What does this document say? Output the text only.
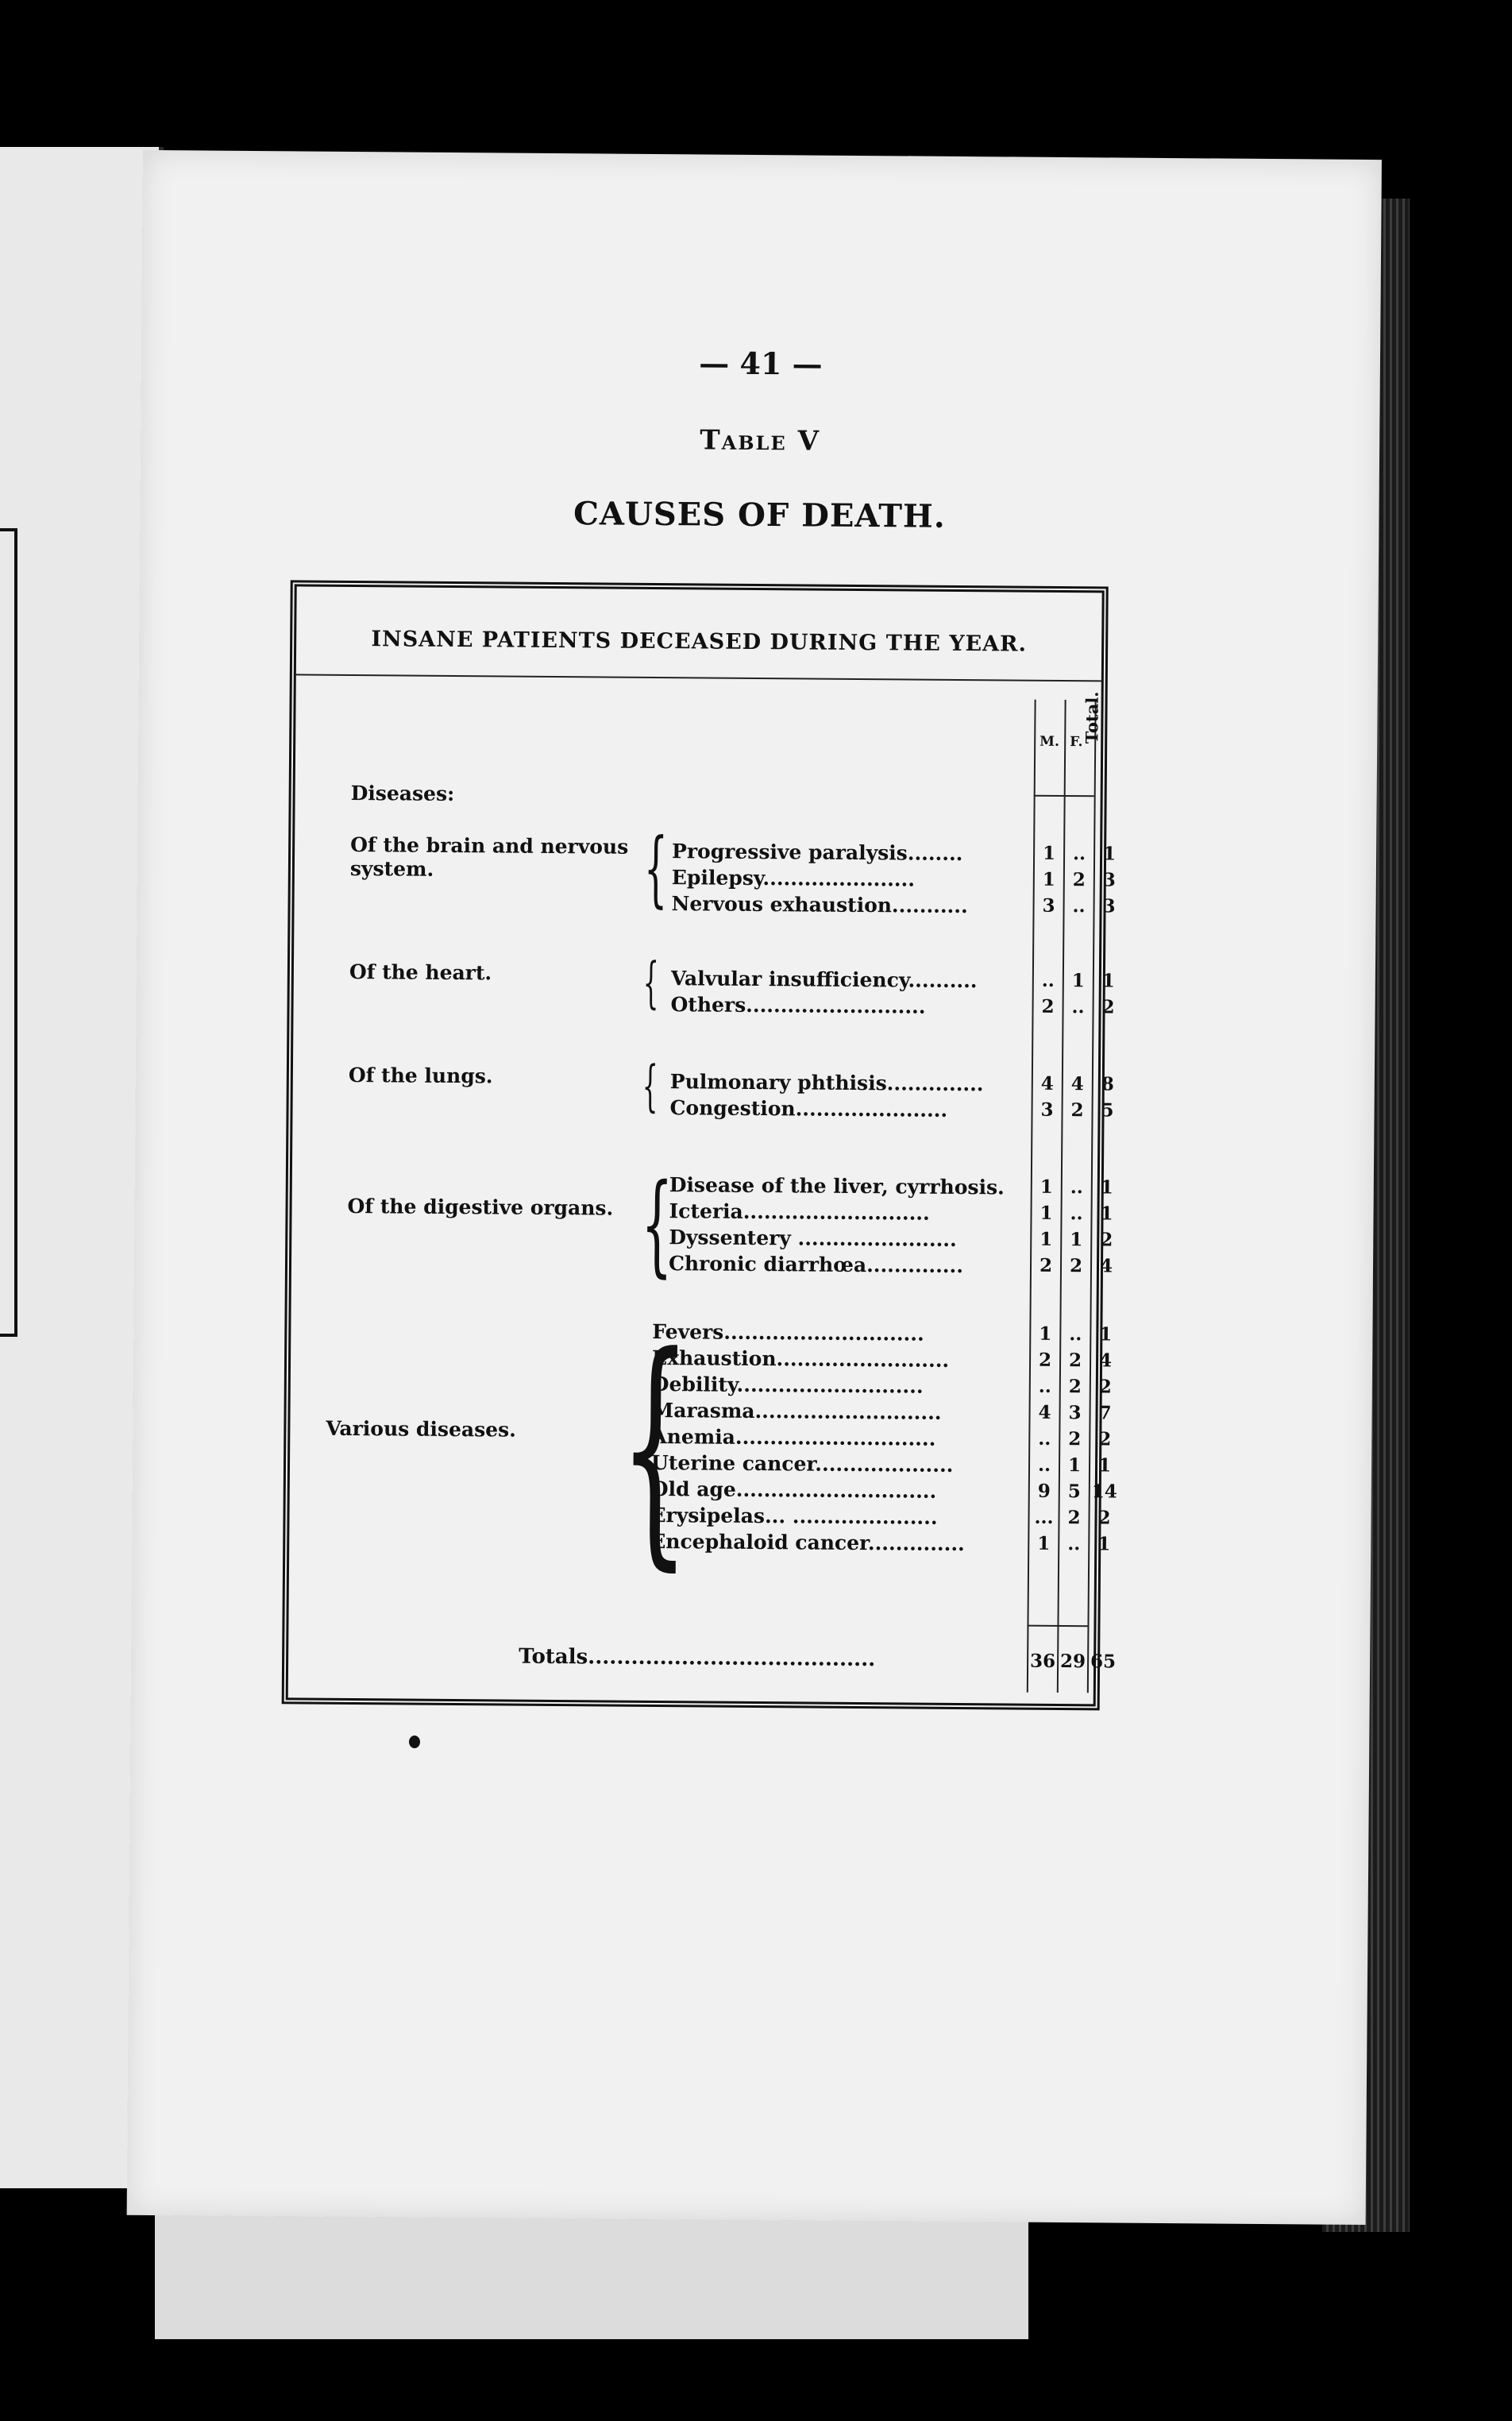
— 41 —
Table V
CAUSES OF DEATH.
INSANE PATIENTS DECEASED DURING THE YEAR.
M. F.
Total.
Diseases:
Of the brain and nervous system.	{ Progressive paralysis........	1 .. 1
Epilepsy......................	1 2 3
Nervous exhaustion...........	3 .. 3
Of the heart.	{ Valvular insufficiency..........	.. 1 1
Others..........................	2 .. 2
Of the lungs.	{ Pulmonary phthisis..............	4 4 8
Congestion......................	3 2 5
Of the digestive organs. {
Disease of the liver, cyrrhosis.	1 .. 1
Icteria...........................	1 .. 1
Dyssentery .......................	1 1 2
Chronic diarrhœa..............	2 2 4
Various diseases. {
Fevers.............................	1 .. 1
Exhaustion.........................	2 2 4
Debility...........................	.. 2 2
Marasma...........................	4 3 7
Anemia.............................	.. 2 2
Uterine cancer....................	.. 1 1
Old age.............................	9 5 14
Erysipelas... .....................	... 2 2
Encephaloid cancer..............	1 .. 1
Totals........................................	36 29 65
